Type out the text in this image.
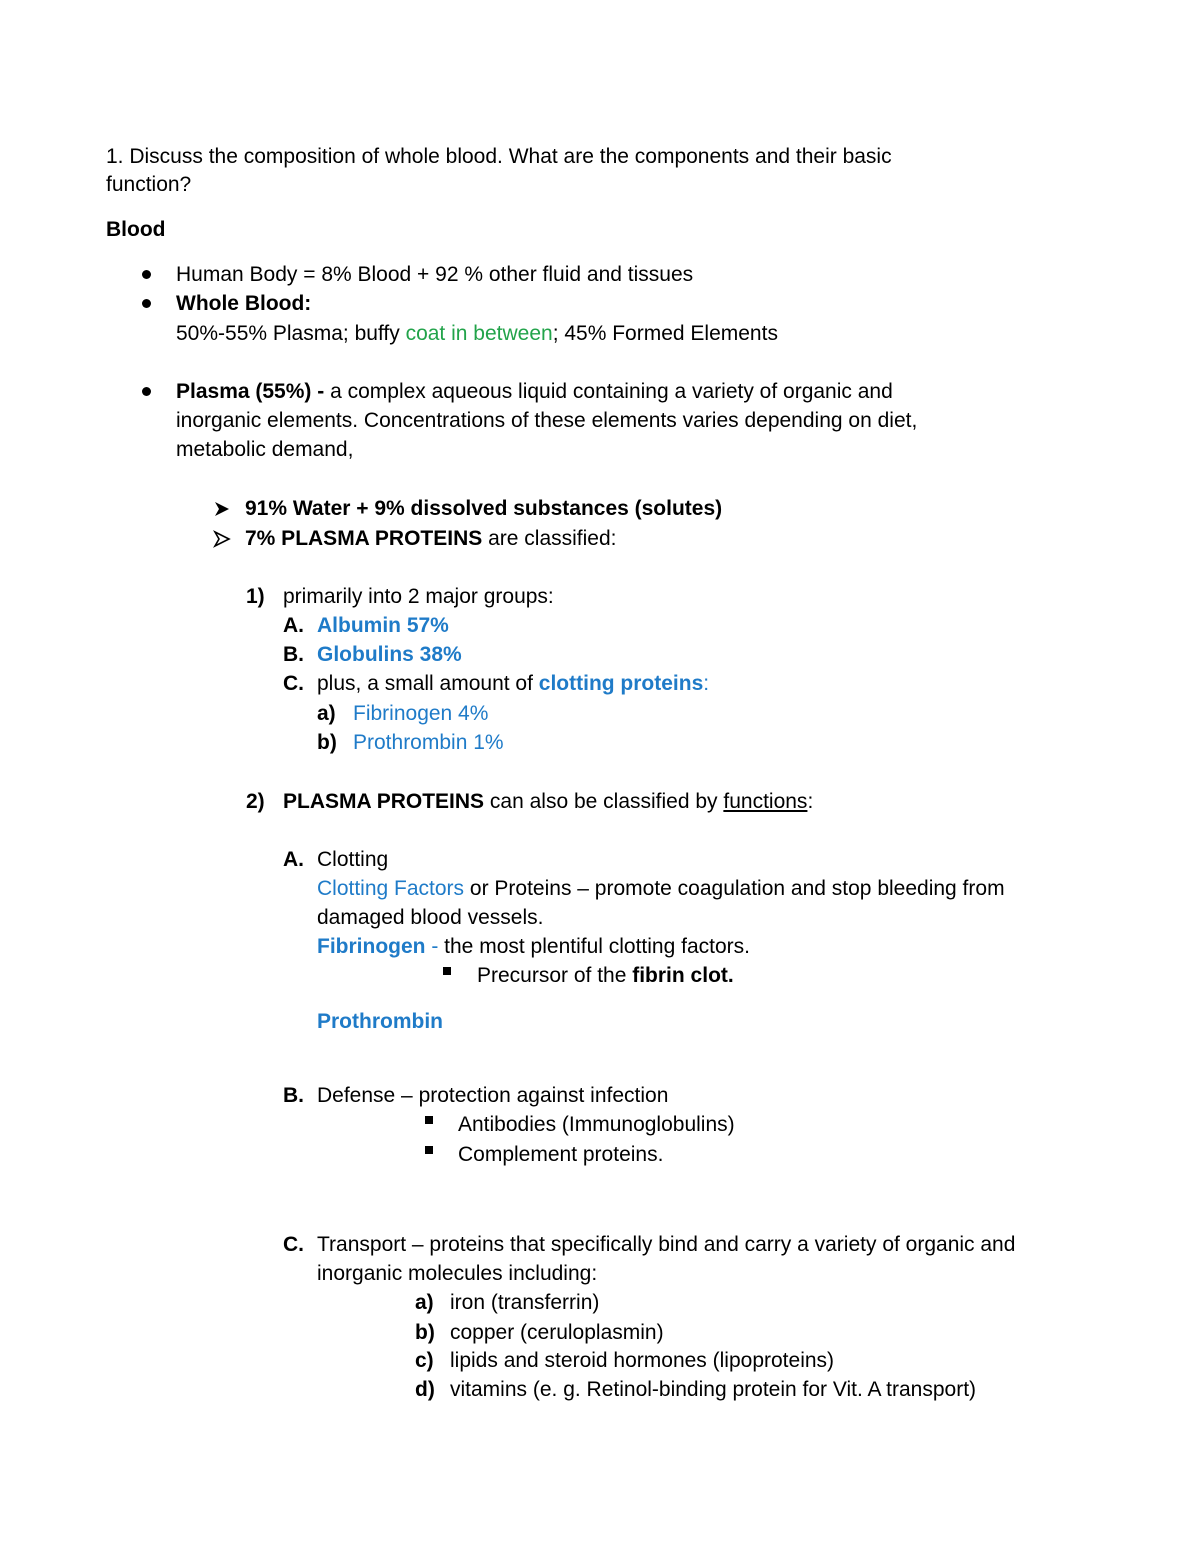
1. Discuss the composition of whole blood. What are the components and their basic
function?
Blood
Human Body = 8% Blood + 92 % other fluid and tissues
Whole Blood:
50%-55% Plasma; buffy coat in between; 45% Formed Elements
Plasma (55%) - a complex aqueous liquid containing a variety of organic and
inorganic elements. Concentrations of these elements varies depending on diet,
metabolic demand,
91% Water + 9% dissolved substances (solutes)
7% PLASMA PROTEINS are classified:
1) primarily into 2 major groups:
A. Albumin 57%
B. Globulins 38%
C. plus, a small amount of clotting proteins:
a) Fibrinogen 4%
b) Prothrombin 1%
2) PLASMA PROTEINS can also be classified by functions:
A. Clotting
Clotting Factors or Proteins – promote coagulation and stop bleeding from
damaged blood vessels.
Fibrinogen - the most plentiful clotting factors.
Precursor of the fibrin clot.
Prothrombin
B. Defense – protection against infection
Antibodies (Immunoglobulins)
Complement proteins.
C. Transport – proteins that specifically bind and carry a variety of organic and
inorganic molecules including:
a) iron (transferrin)
b) copper (ceruloplasmin)
c) lipids and steroid hormones (lipoproteins)
d) vitamins (e. g. Retinol-binding protein for Vit. A transport)
